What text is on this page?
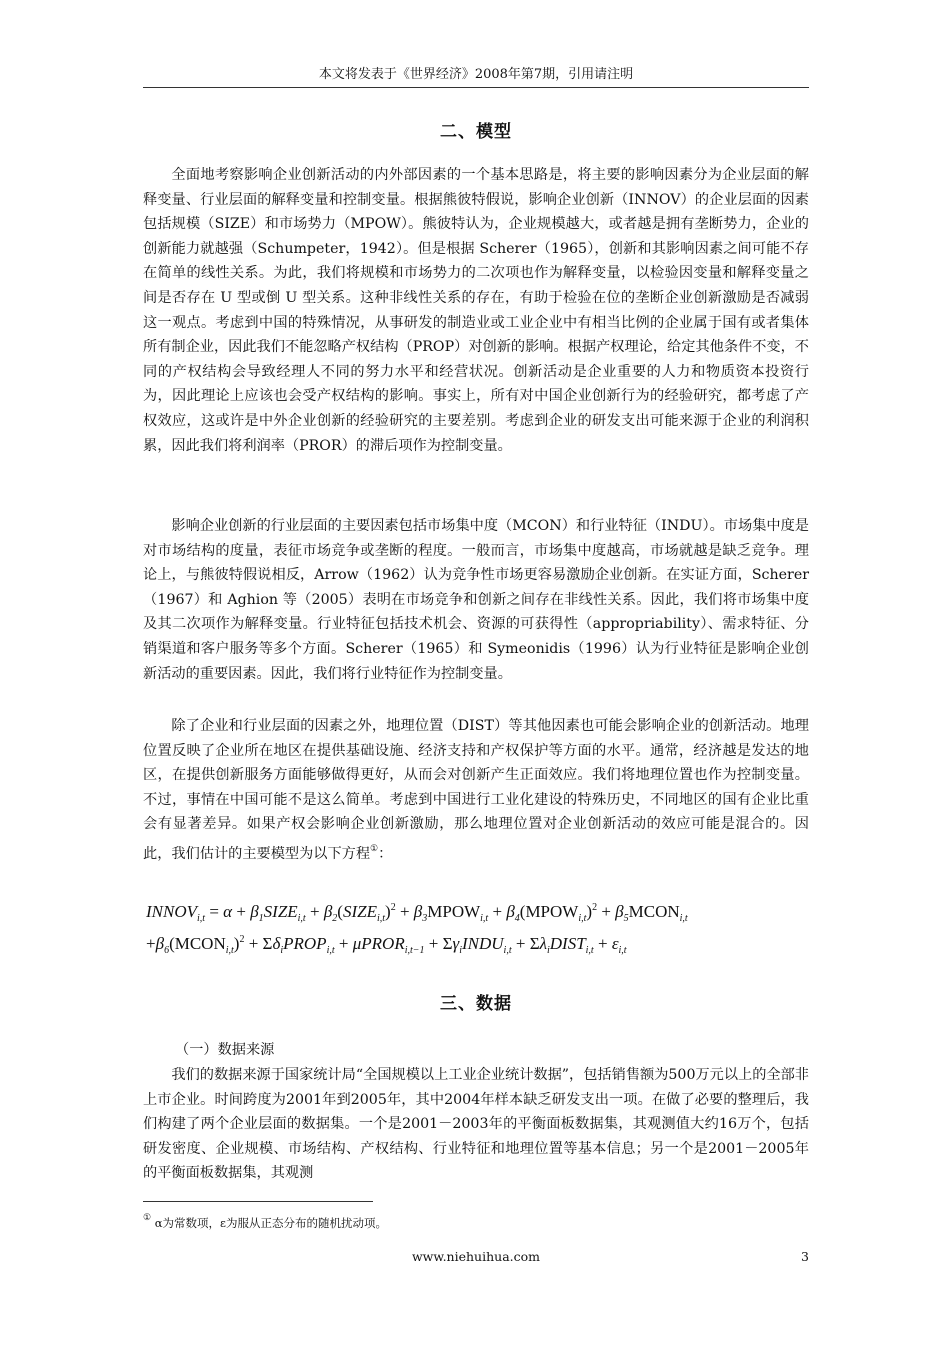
本文将发表于《世界经济》2008年第7期，引用请注明
二、模型

全面地考察影响企业创新活动的内外部因素的一个基本思路是，将主要的影响因素分为企业层面的解释变量、行业层面的解释变量和控制变量。根据熊彼特假说，影响企业创新（INNOV）的企业层面的因素包括规模（SIZE）和市场势力（MPOW）。熊彼特认为，企业规模越大，或者越是拥有垄断势力，企业的创新能力就越强（Schumpeter，1942）。但是根据 Scherer（1965），创新和其影响因素之间可能不存在简单的线性关系。为此，我们将规模和市场势力的二次项也作为解释变量，以检验因变量和解释变量之间是否存在 U 型或倒 U 型关系。这种非线性关系的存在，有助于检验在位的垄断企业创新激励是否减弱这一观点。考虑到中国的特殊情况，从事研发的制造业或工业企业中有相当比例的企业属于国有或者集体所有制企业，因此我们不能忽略产权结构（PROP）对创新的影响。根据产权理论，给定其他条件不变，不同的产权结构会导致经理人不同的努力水平和经营状况。创新活动是企业重要的人力和物质资本投资行为，因此理论上应该也会受产权结构的影响。事实上，所有对中国企业创新行为的经验研究，都考虑了产权效应，这或许是中外企业创新的经验研究的主要差别。考虑到企业的研发支出可能来源于企业的利润积累，因此我们将利润率（PROR）的滞后项作为控制变量。

影响企业创新的行业层面的主要因素包括市场集中度（MCON）和行业特征（INDU）。市场集中度是对市场结构的度量，表征市场竞争或垄断的程度。一般而言，市场集中度越高，市场就越是缺乏竞争。理论上，与熊彼特假说相反，Arrow（1962）认为竞争性市场更容易激励企业创新。在实证方面，Scherer（1967）和 Aghion 等（2005）表明在市场竞争和创新之间存在非线性关系。因此，我们将市场集中度及其二次项作为解释变量。行业特征包括技术机会、资源的可获得性（appropriability）、需求特征、分销渠道和客户服务等多个方面。Scherer（1965）和 Symeonidis（1996）认为行业特征是影响企业创新活动的重要因素。因此，我们将行业特征作为控制变量。

除了企业和行业层面的因素之外，地理位置（DIST）等其他因素也可能会影响企业的创新活动。地理位置反映了企业所在地区在提供基础设施、经济支持和产权保护等方面的水平。通常，经济越是发达的地区，在提供创新服务方面能够做得更好，从而会对创新产生正面效应。我们将地理位置也作为控制变量。不过，事情在中国可能不是这么简单。考虑到中国进行工业化建设的特殊历史，不同地区的国有企业比重会有显著差异。如果产权会影响企业创新激励，那么地理位置对企业创新活动的效应可能是混合的。因此，我们估计的主要模型为以下方程①：

$INNOV_{i,t} = \alpha$ + $\beta_1SIZE_{i,t}$ + $\beta_2(SIZE_{i,t})^2$ + $\beta_3MPOW_{i,t}$ + $\beta_4(MPOW_{i,t})^2$ + $\beta_5MCON_{i,t}$
$+\beta_6(MCON_{i,t})^2$ + $\Sigma\delta_iPROP_{i,t}$ + μPROR$_{i,t-1}$ + $\Sigma\gamma_iINDU_{i,t}$ + $\Sigma\lambda_iDIST_{i,t} + \varepsilon_{i,t}$
三、数据
（一）数据来源

我们的数据来源于国家统计局“全国规模以上工业企业统计数据”，包括销售额为500万元以上的全部非上市企业。时间跨度为2001年到2005年，其中2004年样本缺乏研发支出一项。在做了必要的整理后，我们构建了两个企业层面的数据集。一个是2001－2003年的平衡面板数据集，其观测值大约16万个，包括研发密度、企业规模、市场结构、产权结构、行业特征和地理位置等基本信息；另一个是2001－2005年的平衡面板数据集，其观测

① α为常数项，ε为服从正态分布的随机扰动项。
www.niehuihua.com	3
